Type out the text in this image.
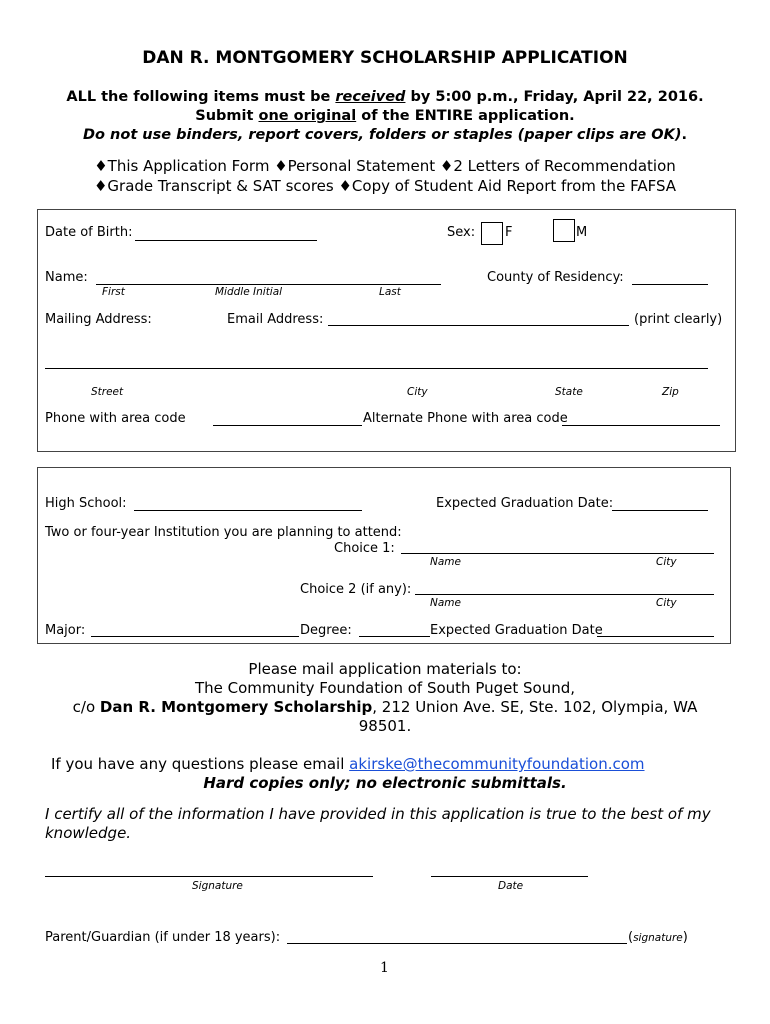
DAN R. MONTGOMERY SCHOLARSHIP APPLICATION
ALL the following items must be received by 5:00 p.m., Friday, April 22, 2016.
Submit one original of the ENTIRE application.
Do not use binders, report covers, folders or staples (paper clips are OK).
♦This Application Form ♦Personal Statement ♦2 Letters of Recommendation
♦Grade Transcript & SAT scores ♦Copy of Student Aid Report from the FAFSA
Date of Birth:	Sex: F	M
Name:
First	Middle Initial	Last
County of Residency:
Mailing Address:	Email Address:	(print clearly)
Street	City	State	Zip
Phone with area code	Alternate Phone with area code
High School:	Expected Graduation Date:
Two or four-year Institution you are planning to attend:
Choice 1:
Name	City
Choice 2 (if any):
Name	City
Major:	Degree:	Expected Graduation Date
Please mail application materials to:
The Community Foundation of South Puget Sound,
c/o Dan R. Montgomery Scholarship, 212 Union Ave. SE, Ste. 102, Olympia, WA
98501.
If you have any questions please email akirske@thecommunityfoundation.com
Hard copies only; no electronic submittals.
I certify all of the information I have provided in this application is true to the best of my
knowledge.
Signature	Date
Parent/Guardian (if under 18 years):	(signature)
1
